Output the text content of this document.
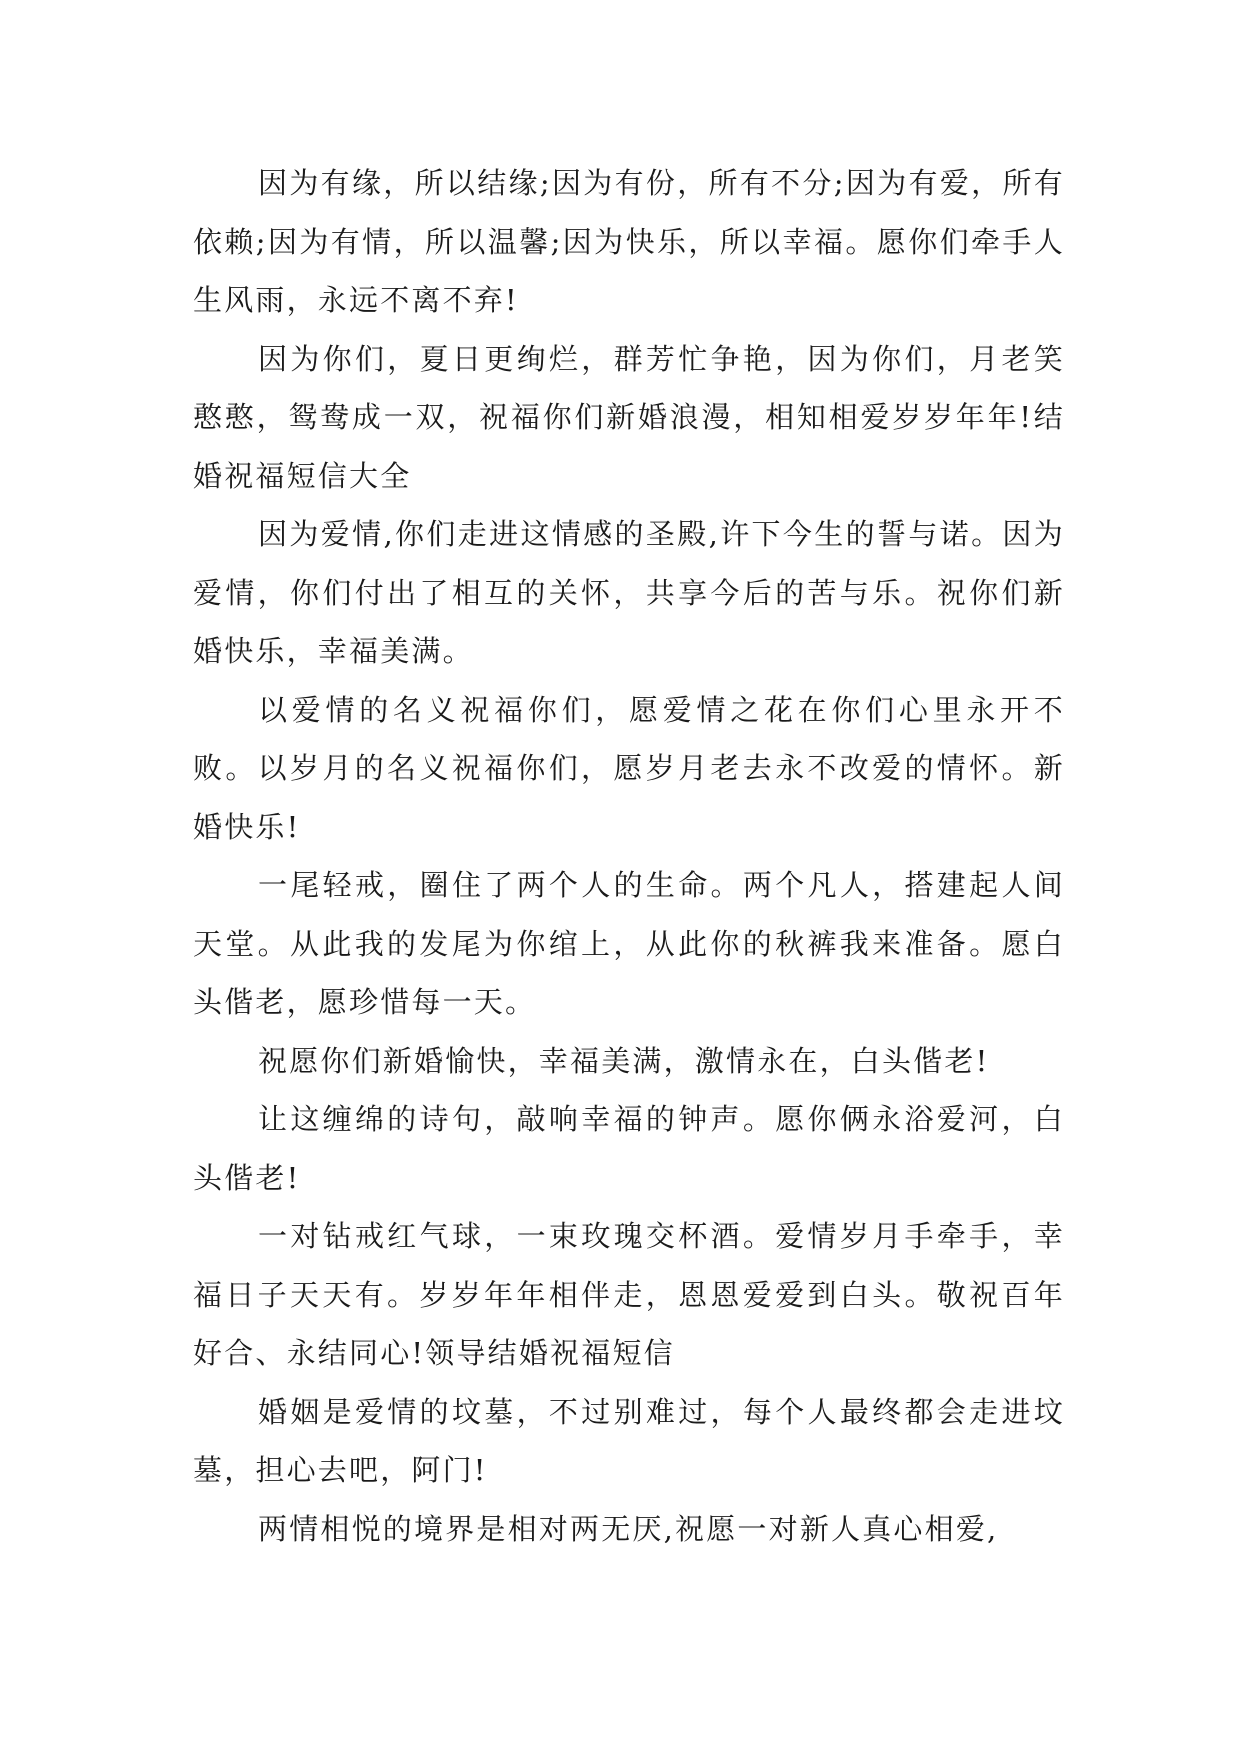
因为有缘，所以结缘;因为有份，所有不分;因为有爱，所有依赖;因为有情，所以温馨;因为快乐，所以幸福。愿你们牵手人生风雨，永远不离不弃!

因为你们，夏日更绚烂，群芳忙争艳，因为你们，月老笑憨憨，鸳鸯成一双，祝福你们新婚浪漫，相知相爱岁岁年年!结婚祝福短信大全

因为爱情,你们走进这情感的圣殿,许下今生的誓与诺。因为爱情，你们付出了相互的关怀，共享今后的苦与乐。祝你们新婚快乐，幸福美满。

以爱情的名义祝福你们，愿爱情之花在你们心里永开不败。以岁月的名义祝福你们，愿岁月老去永不改爱的情怀。新婚快乐!

一尾轻戒，圈住了两个人的生命。两个凡人，搭建起人间天堂。从此我的发尾为你绾上，从此你的秋裤我来准备。愿白头偕老，愿珍惜每一天。

祝愿你们新婚愉快，幸福美满，激情永在，白头偕老!

让这缠绵的诗句，敲响幸福的钟声。愿你俩永浴爱河，白头偕老!

一对钻戒红气球，一束玫瑰交杯酒。爱情岁月手牵手，幸福日子天天有。岁岁年年相伴走，恩恩爱爱到白头。敬祝百年好合、永结同心!领导结婚祝福短信

婚姻是爱情的坟墓，不过别难过，每个人最终都会走进坟墓，担心去吧，阿门!

两情相悦的境界是相对两无厌,祝愿一对新人真心相爱,
